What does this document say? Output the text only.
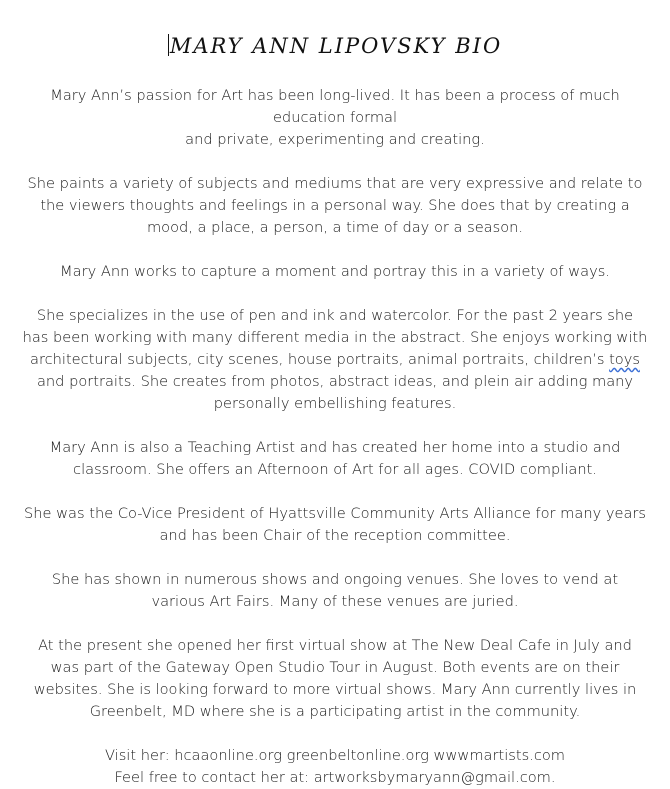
MARY ANN LIPOVSKY BIO

Mary Ann’s passion for Art has been long-lived. It has been a process of much
education formal
and private, experimenting and creating.

She paints a variety of subjects and mediums that are very expressive and relate to
the viewers thoughts and feelings in a personal way. She does that by creating a
mood, a place, a person, a time of day or a season.

Mary Ann works to capture a moment and portray this in a variety of ways.

She specializes in the use of pen and ink and watercolor. For the past 2 years she
has been working with many different media in the abstract. She enjoys working with
architectural subjects, city scenes, house portraits, animal portraits, children’s toys
and portraits. She creates from photos, abstract ideas, and plein air adding many
personally embellishing features.

Mary Ann is also a Teaching Artist and has created her home into a studio and
classroom. She offers an Afternoon of Art for all ages. COVID compliant.

She was the Co-Vice President of Hyattsville Community Arts Alliance for many years
and has been Chair of the reception committee.

She has shown in numerous shows and ongoing venues. She loves to vend at
various Art Fairs. Many of these venues are juried.

At the present she opened her first virtual show at The New Deal Cafe in July and
was part of the Gateway Open Studio Tour in August. Both events are on their
websites. She is looking forward to more virtual shows. Mary Ann currently lives in
Greenbelt, MD where she is a participating artist in the community.

Visit her: hcaaonline.org greenbeltonline.org wwwmartists.com
Feel free to contact her at: artworksbymaryann@gmail.com.
